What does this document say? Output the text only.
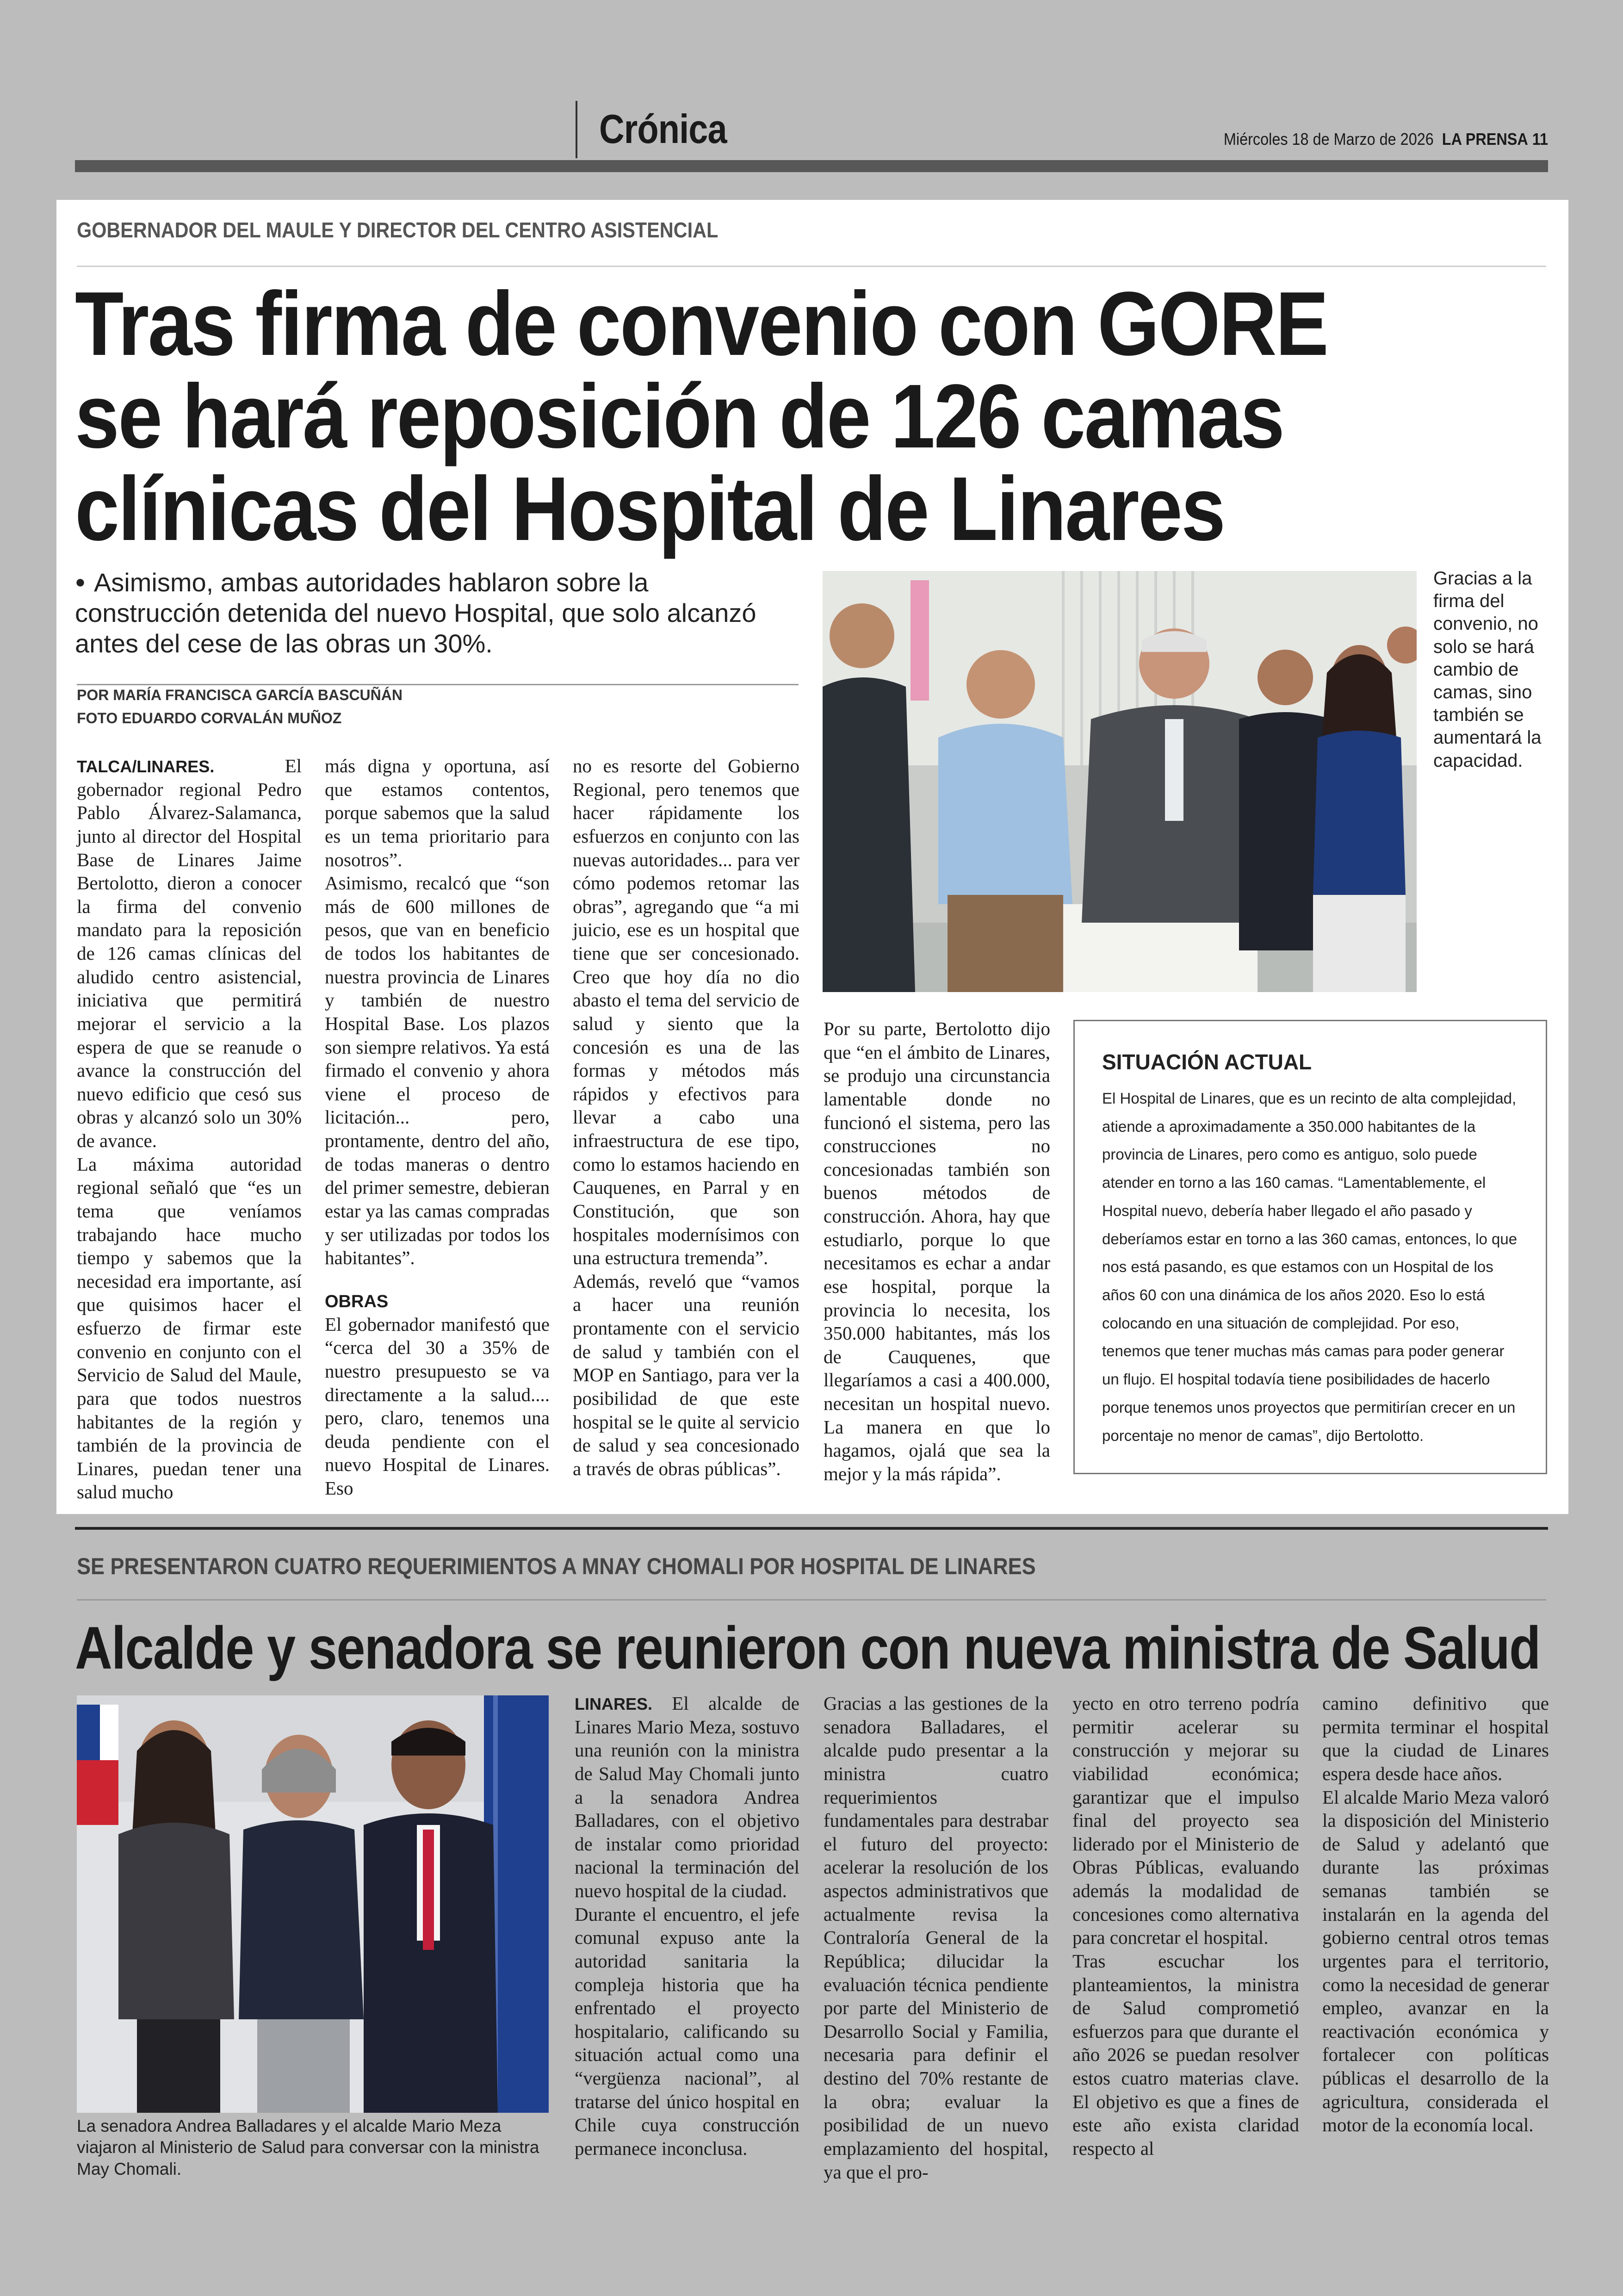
Crónica	Miércoles 18 de Marzo de 2026 LA PRENSA 11
GOBERNADOR DEL MAULE Y DIRECTOR DEL CENTRO ASISTENCIAL
Tras firma de convenio con GORE se hará reposición de 126 camas clínicas del Hospital de Linares
● Asimismo, ambas autoridades hablaron sobre la construcción detenida del nuevo Hospital, que solo alcanzó antes del cese de las obras un 30%.
POR MARÍA FRANCISCA GARCÍA BASCUÑÁN
FOTO EDUARDO CORVALÁN MUÑOZ

TALCA/LINARES.	El gobernador regional Pedro Pablo Álvarez-Salamanca, junto al director del Hospital Base de Linares Jaime Bertolotto, dieron a conocer la firma del convenio mandato para la reposición de 126 camas clínicas del aludido centro asistencial, iniciativa que permitirá mejorar el servicio a la espera de que se reanude o avance la construcción del nuevo edificio que cesó sus obras y alcanzó solo un 30% de avance.

La máxima autoridad regional señaló que “es un tema que veníamos trabajando hace mucho tiempo y sabemos que la necesidad era importante, así que quisimos hacer el esfuerzo de firmar este convenio en conjunto con el Servicio de Salud del Maule, para que todos nuestros habitantes de la región y también de la provincia de Linares, puedan tener una salud mucho

más digna y oportuna, así que estamos contentos, porque sabemos que la salud es un tema prioritario para nosotros”.

Asimismo, recalcó que “son más de 600 millones de pesos, que van en beneficio de todos los habitantes de nuestra provincia de Linares y también de nuestro Hospital Base. Los plazos son siempre relativos. Ya está firmado el convenio y ahora viene el proceso de licitación... pero, prontamente, dentro del año, de todas maneras o dentro del primer semestre, debieran estar ya las camas compradas y ser utilizadas por todos los habitantes”.

OBRAS

El gobernador manifestó que “cerca del 30 a 35% de nuestro presupuesto se va directamente a la salud.... pero, claro, tenemos una deuda pendiente con el nuevo Hospital de Linares. Eso

no es resorte del Gobierno Regional, pero tenemos que hacer rápidamente los esfuerzos en conjunto con las nuevas autoridades... para ver cómo podemos retomar las obras”, agregando que “a mi juicio, ese es un hospital que tiene que ser concesionado. Creo que hoy día no dio abasto el tema del servicio de salud y siento que la concesión es una de las formas y métodos más rápidos y efectivos para llevar a cabo una infraestructura de ese tipo, como lo estamos haciendo en Cauquenes, en Parral y en Constitución, que son hospitales modernísimos con una estructura tremenda”.

Además, reveló que “vamos a hacer una reunión prontamente con el servicio de salud y también con el MOP en Santiago, para ver la posibilidad de que este hospital se le quite al servicio de salud y sea concesionado a través de obras públicas”.

Por su parte, Bertolotto dijo que “en el ámbito de Linares, se produjo una circunstancia lamentable donde no funcionó el sistema, pero las construcciones no concesionadas también son buenos métodos de construcción. Ahora, hay que estudiarlo, porque lo que necesitamos es echar a andar ese hospital, porque la provincia lo necesita, los 350.000 habitantes, más los de Cauquenes, que llegaríamos a casi a 400.000, necesitan un hospital nuevo. La manera en que lo hagamos, ojalá que sea la mejor y la más rápida”.

Gracias a la firma del convenio, no solo se hará cambio de camas, sino también se aumentará la capacidad.
SITUACIÓN ACTUAL
El Hospital de Linares, que es un recinto de alta complejidad, atiende a aproximadamente a 350.000 habitantes de la provincia de Linares, pero como es antiguo, solo puede atender en torno a las 160 camas. “Lamentablemente, el Hospital nuevo, debería haber llegado el año pasado y deberíamos estar en torno a las 360 camas, entonces, lo que nos está pasando, es que estamos con un Hospital de los años 60 con una dinámica de los años 2020. Eso lo está colocando en una situación de complejidad. Por eso, tenemos que tener muchas más camas para poder generar un flujo. El hospital todavía tiene posibilidades de hacerlo porque tenemos unos proyectos que permitirían crecer en un porcentaje no menor de camas”, dijo Bertolotto.
SE PRESENTARON CUATRO REQUERIMIENTOS A MNAY CHOMALI POR HOSPITAL DE LINARES
Alcalde y senadora se reunieron con nueva ministra de Salud
La senadora Andrea Balladares y el alcalde Mario Meza viajaron al Ministerio de Salud para conversar con la ministra May Chomali.

LINARES. El alcalde de Linares Mario Meza, sostuvo una reunión con la ministra de Salud May Chomali junto a la senadora Andrea Balladares, con el objetivo de instalar como prioridad nacional la terminación del nuevo hospital de la ciudad.

Durante el encuentro, el jefe comunal expuso ante la autoridad sanitaria la compleja historia que ha enfrentado el proyecto hospitalario, calificando su situación actual como una “vergüenza nacional”, al tratarse del único hospital en Chile cuya construcción permanece inconclusa.

Gracias a las gestiones de la senadora Balladares, el alcalde pudo presentar a la ministra cuatro requerimientos fundamentales para destrabar el futuro del proyecto: acelerar la resolución de los aspectos administrativos que actualmente revisa la Contraloría General de la República; dilucidar la evaluación técnica pendiente por parte del Ministerio de Desarrollo Social y Familia, necesaria para definir el destino del 70% restante de la obra; evaluar la posibilidad de un nuevo emplazamiento del hospital, ya que el pro-

yecto en otro terreno podría permitir acelerar su construcción y mejorar su viabilidad económica; garantizar que el impulso final del proyecto sea liderado por el Ministerio de Obras Públicas, evaluando además la modalidad de concesiones como alternativa para concretar el hospital.

Tras escuchar los planteamientos, la ministra de Salud comprometió esfuerzos para que durante el año 2026 se puedan resolver estos cuatro materias clave. El objetivo es que a fines de este año exista claridad respecto al

camino definitivo que permita terminar el hospital que la ciudad de Linares espera desde hace años.

El alcalde Mario Meza valoró la disposición del Ministerio de Salud y adelantó que durante las próximas semanas también se instalarán en la agenda del gobierno central otros temas urgentes para el territorio, como la necesidad de generar empleo, avanzar en la reactivación económica y fortalecer con políticas públicas el desarrollo de la agricultura, considerada el motor de la economía local.
